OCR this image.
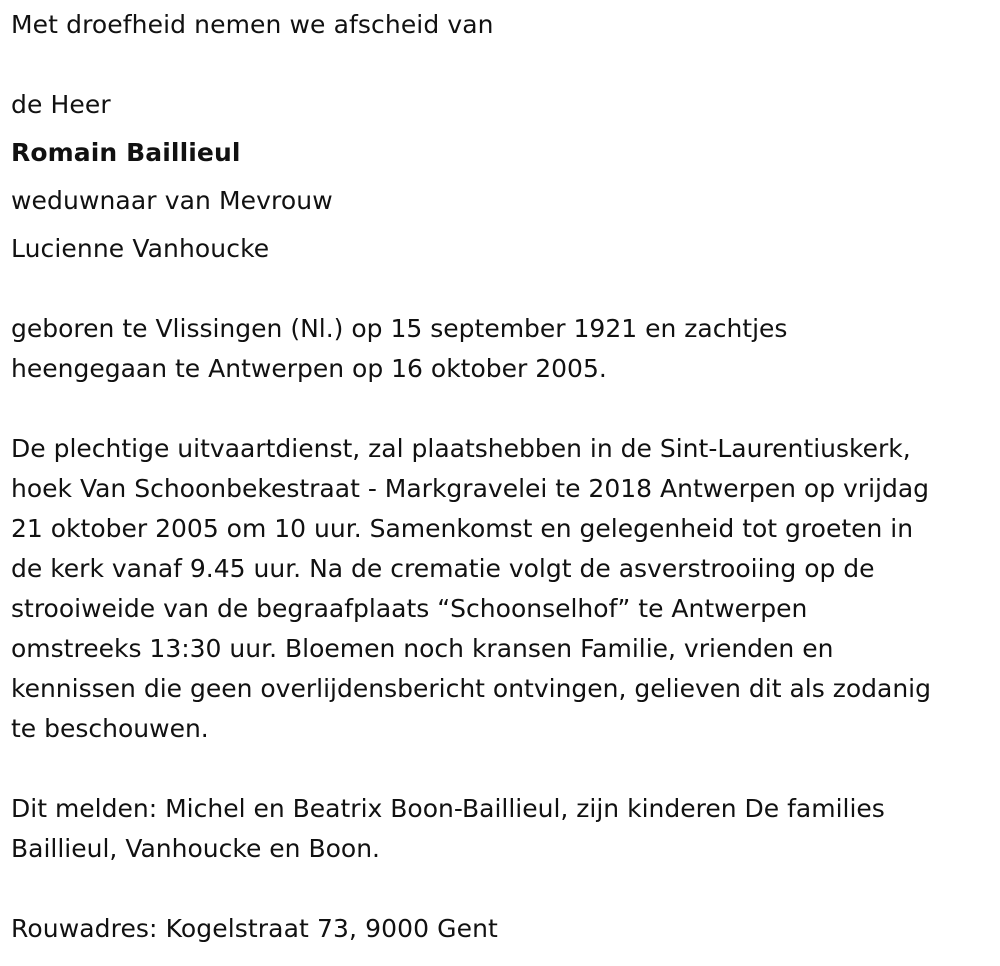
Met droefheid nemen we afscheid van

de Heer

Romain Baillieul

weduwnaar van Mevrouw

Lucienne Vanhoucke

geboren te Vlissingen (Nl.) op 15 september 1921 en zachtjes
heengegaan te Antwerpen op 16 oktober 2005.
De plechtige uitvaartdienst, zal plaatshebben in de Sint-Laurentiuskerk,
hoek Van Schoonbekestraat - Markgravelei te 2018 Antwerpen op vrijdag
21 oktober 2005 om 10 uur. Samenkomst en gelegenheid tot groeten in
de kerk vanaf 9.45 uur. Na de crematie volgt de asverstrooiing op de
strooiweide van de begraafplaats “Schoonselhof” te Antwerpen
omstreeks 13:30 uur. Bloemen noch kransen Familie, vrienden en
kennissen die geen overlijdensbericht ontvingen, gelieven dit als zodanig
te beschouwen.
Dit melden: Michel en Beatrix Boon-Baillieul, zijn kinderen De families
Baillieul, Vanhoucke en Boon.

Rouwadres: Kogelstraat 73, 9000 Gent
